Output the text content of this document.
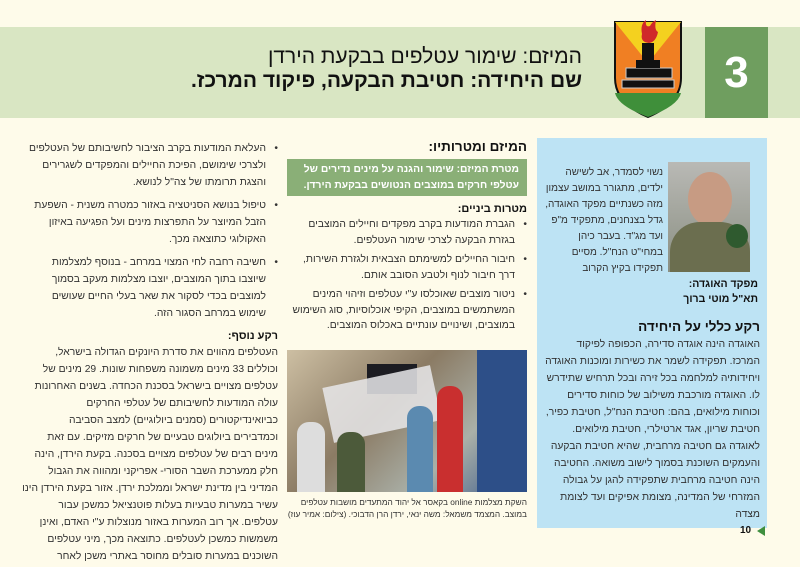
3
המיזם: שימור עטלפים בבקעת הירדן
שם היחידה: חטיבת הבקעה, פיקוד המרכז.
נשוי לסמדר, אב לשישה ילדים, מתגורר במושב עצמון מזה כשנתיים מפקד האוגדה, גדל בצנחנים, מתפקיד מ"פ ועד מג"ד. בעבר כיהן במחי"ט הנח"ל. מסיים תפקידו בקיץ הקרוב
מפקד האוגדה:
תא"ל מוטי ברוך
רקע כללי על היחידה

האוגדה הינה אוגדה סדירה, הכפופה לפיקוד המרכז. תפקידה לשמר את כשירות ומוכנות האוגדה ויחידותיה למלחמה בכל זירה ובכל תרחיש שתידרש לו. האוגדה מורכבת משילוב של כוחות סדירים וכוחות מילואים, בהם: חטיבת הנח"ל, חטיבת כפיר, חטיבת שריון, אגד ארטילרי, חטיבת מילואים. לאוגדה גם חטיבה מרחבית, שהיא חטיבת הבקעה והעמקים השוכנת בסמוך לישוב משואה. החטיבה הינה חטיבה מרחבית שתפקידה להגן על גבולה המזרחי של המדינה, מצומת אפיקים ועד לצומת מצדה

המיזם ומטרותיו:
מטרת המיזם: שימור והגנה על מינים נדירים של עטלפי חרקים במוצבים הנטושים בבקעת הירדן.
מטרות ביניים:
• הגברת המודעות בקרב מפקדים וחיילים המוצבים בגזרת הבקעה לצרכי שימור העטלפים.
• חיבור החיילים למשימתם הצבאית ולגזרת השירות, דרך חיבור לנוף ולטבע הסובב אותם.
• ניטור מוצבים שאוכלסו ע"י עטלפים וזיהוי המינים המשתמשים במוצבים, הקיפי אוכלוסיות, סוג השימוש במוצבים, ושינויים עונתיים באכלוס המוצבים.
השקת מצלמות online בקאסר אל יהוד המתעדים מושבות עטלפים במוצב. המצמד משמאל: משה ינאי, ירדן הרן הדבוכי. (צילום: אמיר עוז)
• העלאת המודעות בקרב הציבור לחשיבותם של העטלפים ולצרכי שימושם, הפיכת החיילים והמפקדים לשגרירים והצגת תרומתו של צה"ל לנושא.
• טיפול בנושא הסניטציה באזור כמטרה משנית - השפעת הזבל המיוצר על התפרצות מינים ועל הפגיעה באיזון האקולוגי כתוצאה מכך.
• חשיבה רחבה לחי המצוי במרחב - בנוסף למצלמות שיוצבו בתוך המוצבים, יוצבו מצלמות מעקב בסמוך למוצבים בכדי לסקור את שאר בעלי החיים שעושים שימוש במרחב הסגור הזה.
רקע נוסף:

העטלפים מהווים את סדרת היונקים הגדולה בישראל, וכוללים 33 מינים משמונה משפחות שונות. 29 מינים של עטלפים מצויים בישראל בסכנת הכחדה. בשנים האחרונות עולה המודעות לחשיבותם של עטלפי החרקים כביואינדיקטורים (סמנים ביולוגיים) למצב הסביבה וכמדבירים ביולוגים טבעיים של חרקים מזיקים. עם זאת מינים רבים של עטלפים מצויים בסכנה. בקעת הירדן, הינה חלק ממערכת השבר הסורי- אפריקני ומהווה את הגבול המדיני בין מדינת ישראל וממלכת ירדן. אזור בקעת הירדן הינו עשיר במערות טבעיות בעלות פוטנציאל כמשכן עבור עטלפים. אך רוב המערות באזור מנוצלות ע"י האדם, ואינן משמשות כמשכן לעטלפים. כתוצאה מכך, מיני עטלפים השוכנים במערות סובלים מחוסר באתרי משכן לאחר

10
